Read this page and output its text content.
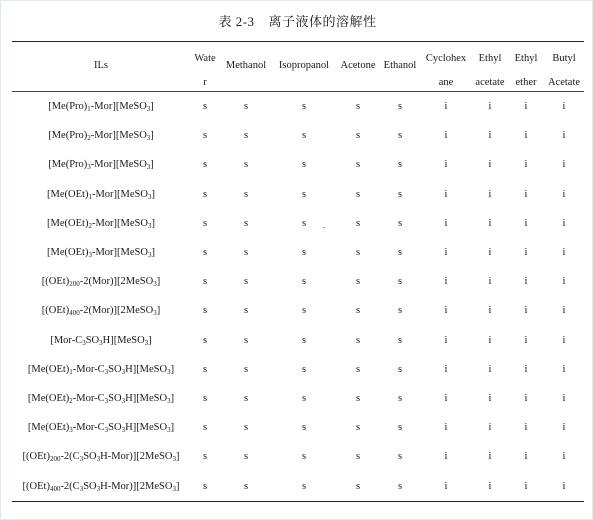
表 2-3 离子液体的溶解性
ILs	Wate	Methanol	Isopropanol	Acetone	Ethanol	Cyclohex	Ethyl	Ethyl	Butyl
	r					ane	acetate	ether	Acetate
$[Me(Pro)_1-Mor][MeSO_3]$	s	s	s	s	s	i	i	i	i
$[Me(Pro)_2-Mor][MeSO_3]$	s	s	s	s	s	i	i	i	i
$[Me(Pro)_3-Mor][MeSO_3]$	s	s	s	s	s	i	i	i	i
$[Me(OEt)_1-Mor][MeSO_3]$	s	s	s	s	s	i	i	i	i
$[Me(OEt)_2-Mor][MeSO_3]$	s	s	s	s	s	i	i	i	i
$[Me(OEt)_3-Mor][MeSO_3]$	s	s	s	s	s	i	i	i	i
$[(OEt)_{200}-2(Mor)][2MeSO_3]$	s	s	s	s	s	i	i	i	i
$[(OEt)_{400}-2(Mor)][2MeSO_3]$	s	s	s	s	s	i	i	i	i
$[Mor-C_3SO_3H][MeSO_3]$	s	s	s	s	s	i	i	i	i
$[Me(OEt)_1-Mor-C_3SO_3H][MeSO_3]$	s	s	s	s	s	i	i	i	i
$[Me(OEt)_2-Mor-C_3SO_3H][MeSO_3]$	s	s	s	s	s	i	i	i	i
$[Me(OEt)_3-Mor-C_3SO_3H][MeSO_3]$	s	s	s	s	s	i	i	i	i
$[(OEt)_{200}-2(C_3SO_3H-Mor)][2MeSO_3]$	s	s	s	s	s	i	i	i	i
$[(OEt)_{400}-2(C_3SO_3H-Mor)][2MeSO_3]$	s	s	s	s	s	i	i	i	i
